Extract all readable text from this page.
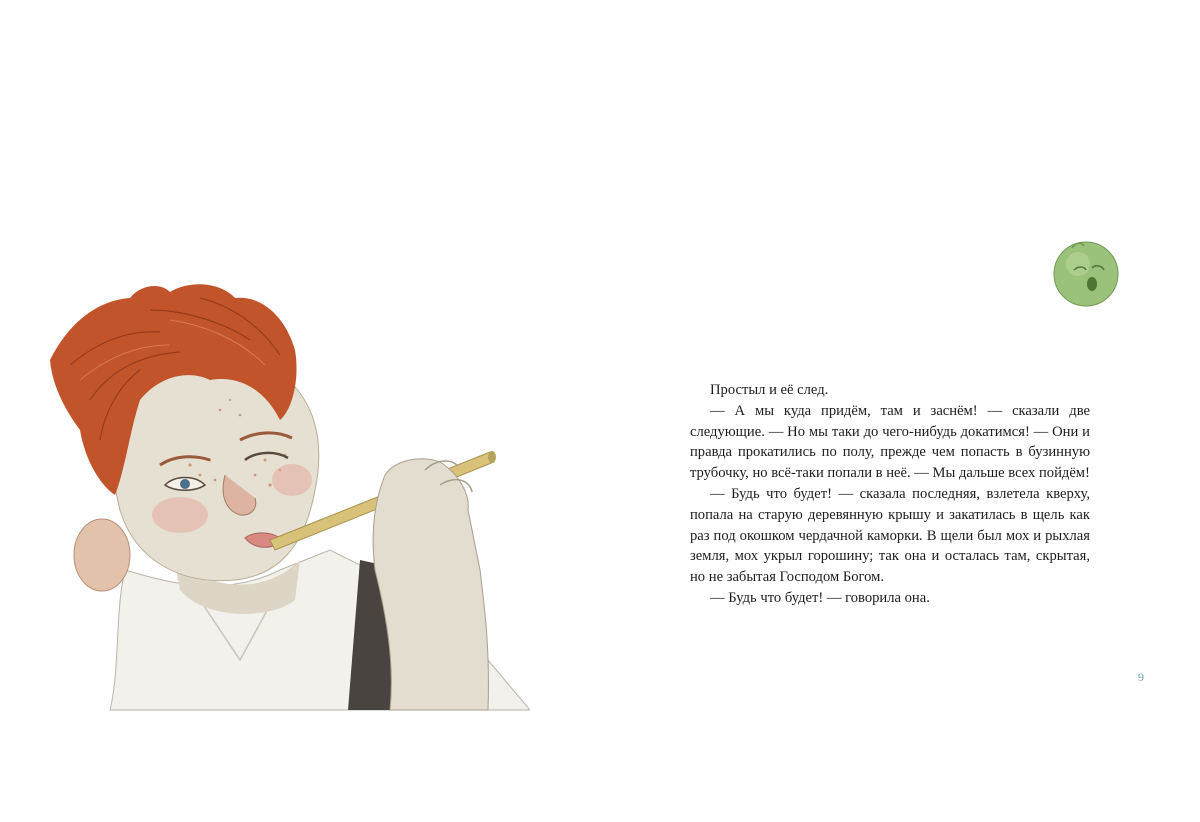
Простыл и её след.

— А мы куда придём, там и заснём! — сказали две следующие. — Но мы таки до чего-нибудь докатимся! — Они и правда прокатились по полу, прежде чем попасть в бузинную трубочку, но всё-таки попали в неё. — Мы дальше всех пойдём!

— Будь что будет! — сказала последняя, взлетела кверху, попала на старую деревянную крышу и закатилась в щель как раз под окошком чердачной каморки. В щели был мох и рыхлая земля, мох укрыл горошину; так она и осталась там, скрытая, но не забытая Господом Богом.

— Будь что будет! — говорила она.

9
